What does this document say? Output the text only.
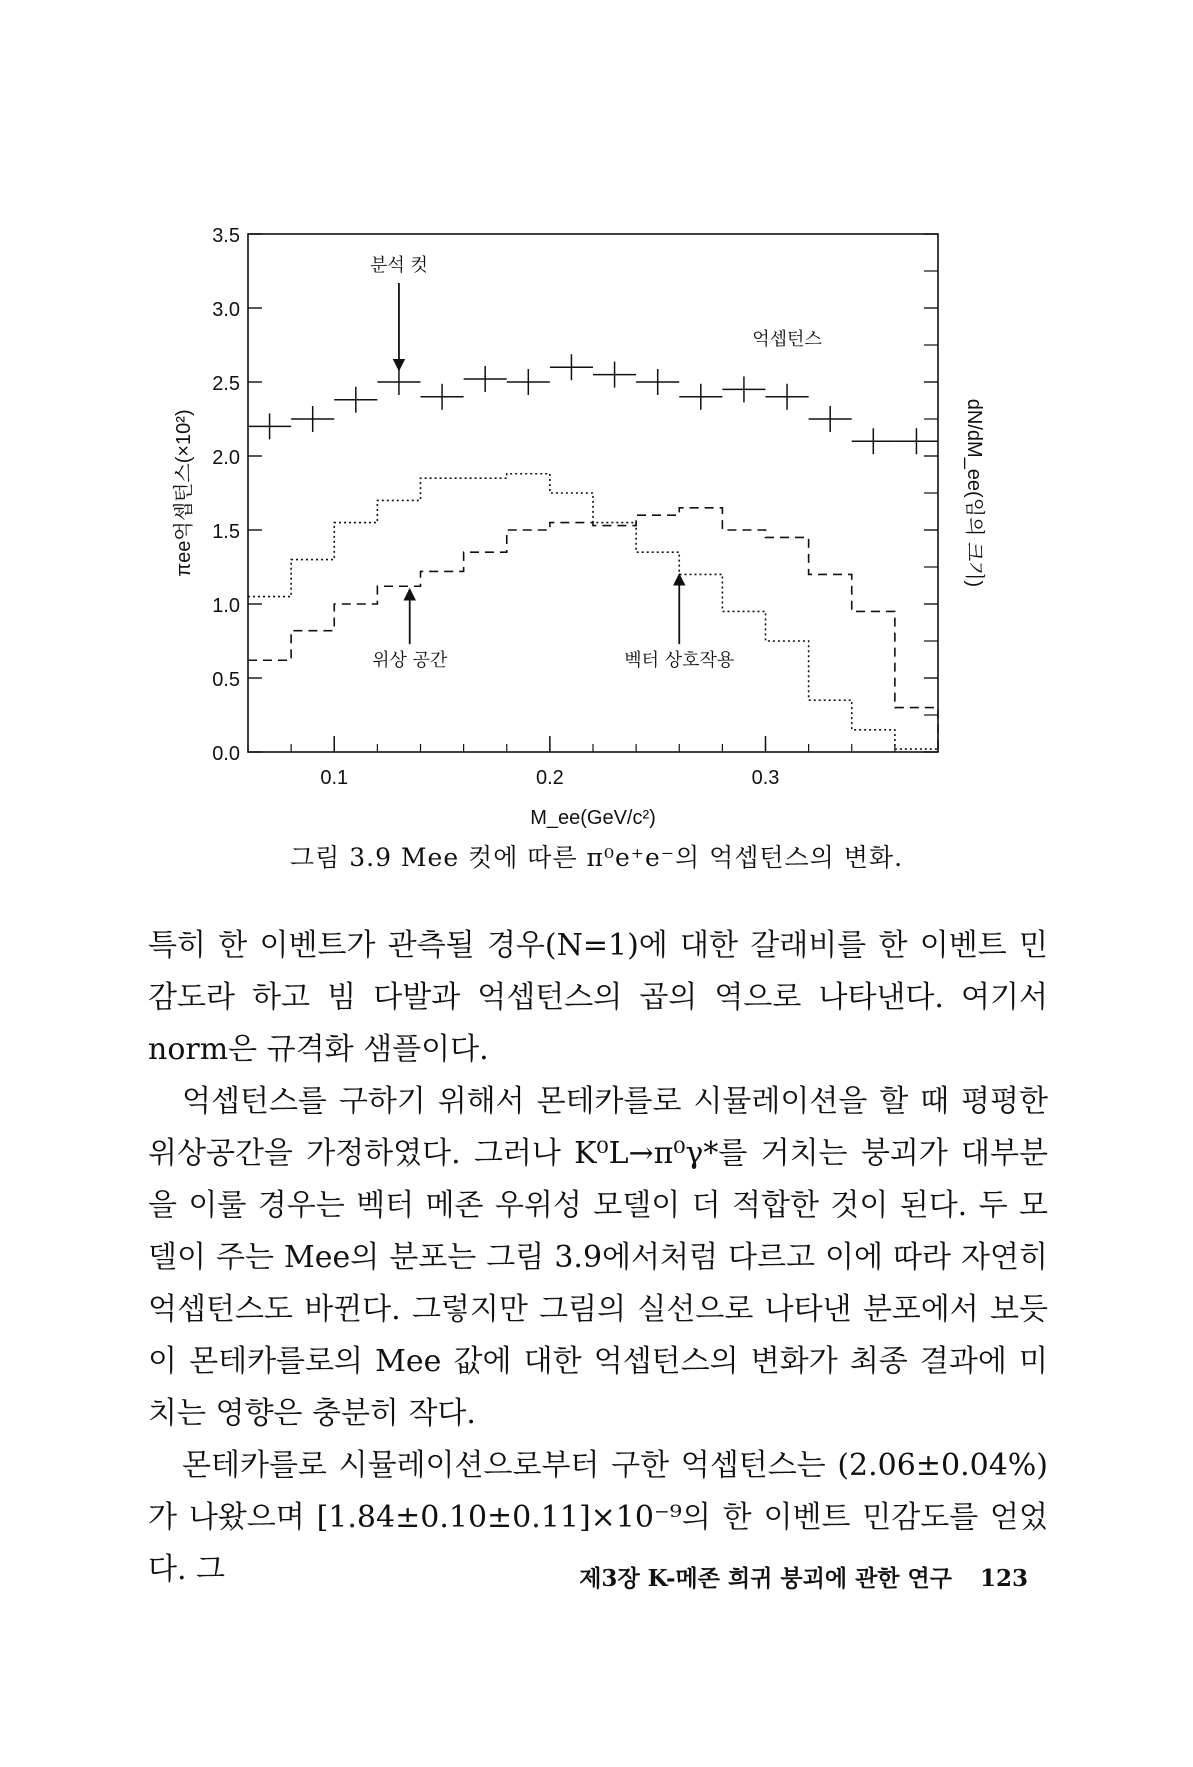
0.0
0.5
1.0
1.5
2.0
2.5
3.0
3.5
0.1	0.2	0.3
M_ee(GeV/c²)
πee억셉턴스(×10²)	dN/dM_ee(임의 크기)
분석 컷
억셉턴스
위상 공간	벡터 상호작용
그림 3.9 Mee 컷에 따른 π⁰e⁺e⁻의 억셉턴스의 변화.

특히 한 이벤트가 관측될 경우(N=1)에 대한 갈래비를 한 이벤트 민감도라 하고 빔 다발과 억셉턴스의 곱의 역으로 나타낸다. 여기서 norm은 규격화 샘플이다.

억셉턴스를 구하기 위해서 몬테카를로 시뮬레이션을 할 때 평평한 위상공간을 가정하였다. 그러나 K⁰L→π⁰γ*를 거치는 붕괴가 대부분을 이룰 경우는 벡터 메존 우위성 모델이 더 적합한 것이 된다. 두 모델이 주는 Mee의 분포는 그림 3.9에서처럼 다르고 이에 따라 자연히 억셉턴스도 바뀐다. 그렇지만 그림의 실선으로 나타낸 분포에서 보듯이 몬테카를로의 Mee 값에 대한 억셉턴스의 변화가 최종 결과에 미치는 영향은 충분히 작다.

몬테카를로 시뮬레이션으로부터 구한 억셉턴스는 (2.06±0.04%)가 나왔으며 [1.84±0.10±0.11]×10⁻⁹의 한 이벤트 민감도를 얻었다. 그	제3장 K-메존 희귀 붕괴에 관한 연구 123
